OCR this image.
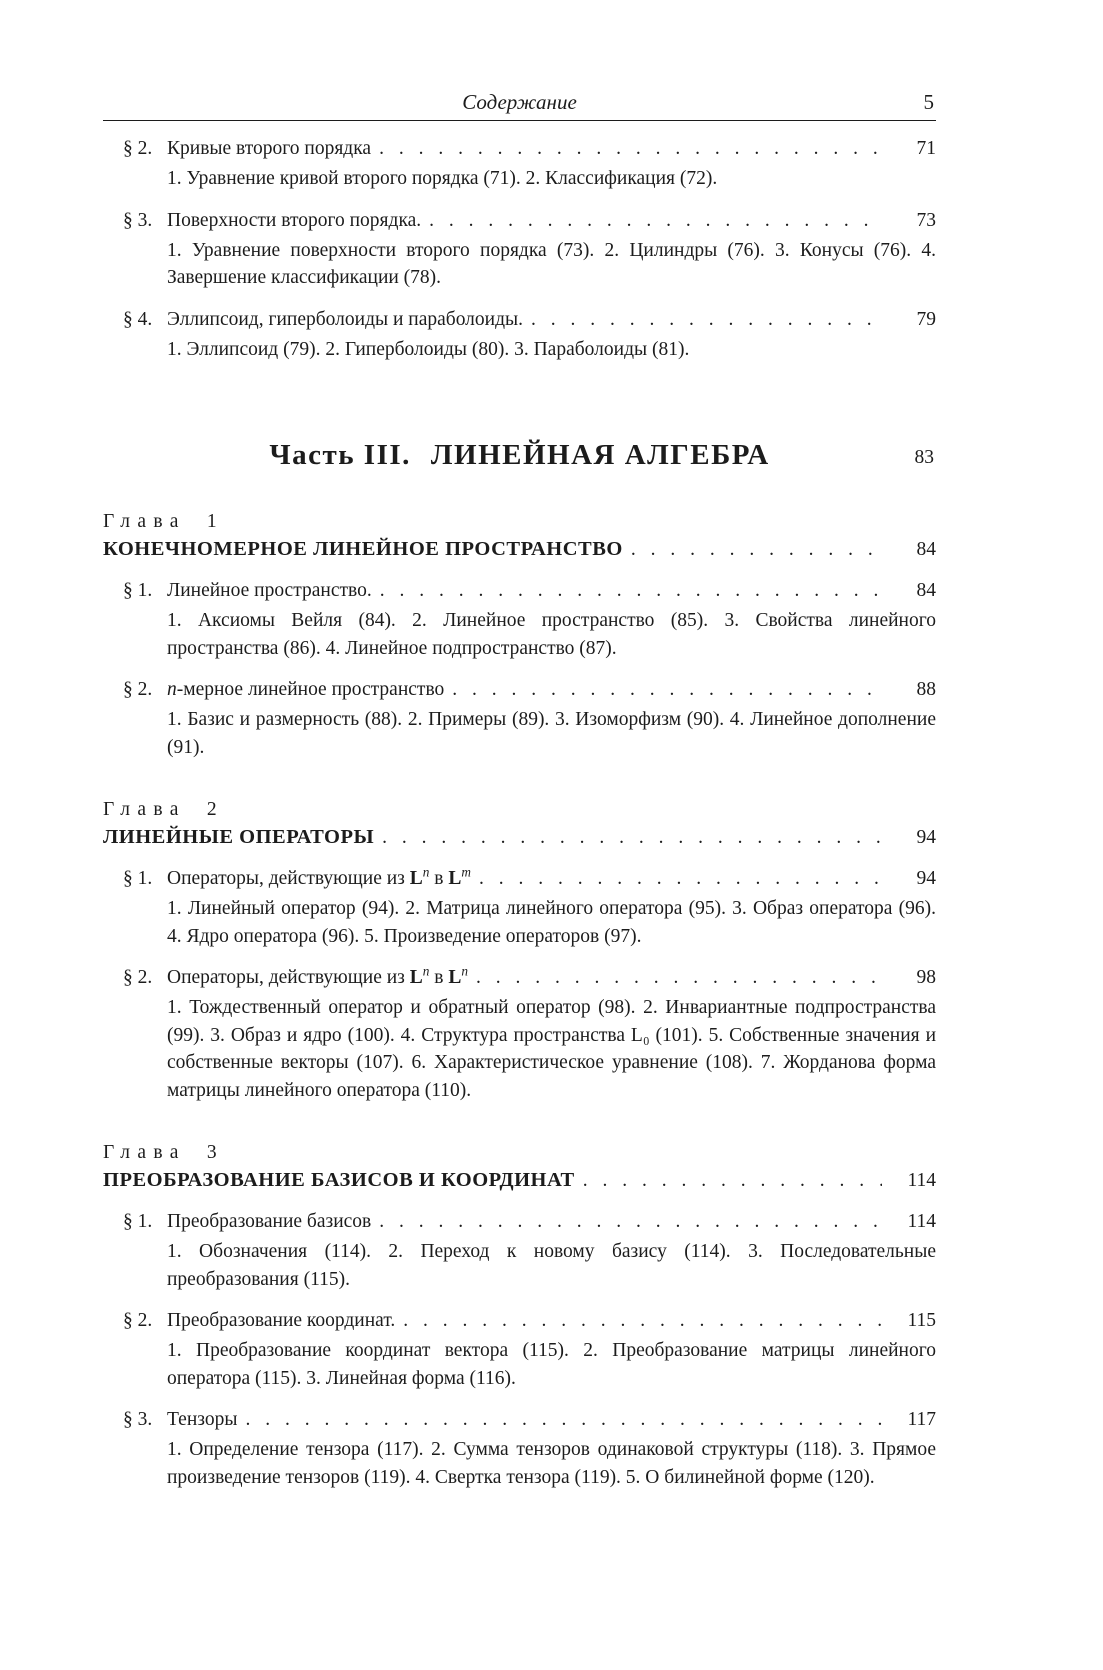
Содержание	5
§ 2. Кривые второго порядка . . .	71
1. Уравнение кривой второго порядка (71). 2. Классификация (72).
§ 3. Поверхности второго порядка. . . .	73
1. Уравнение поверхности второго порядка (73). 2. Цилиндры (76). 3. Конусы (76). 4. Завершение классификации (78).
§ 4. Эллипсоид, гиперболоиды и параболоиды. . . .	79
1. Эллипсоид (79). 2. Гиперболоиды (80). 3. Параболоиды (81).
Часть III. ЛИНЕЙНАЯ АЛГЕБРА	83
Глава 1
КОНЕЧНОМЕРНОЕ ЛИНЕЙНОЕ ПРОСТРАНСТВО . . .	84
§ 1. Линейное пространство. . . .	84
1. Аксиомы Вейля (84). 2. Линейное пространство (85). 3. Свойства линейного пространства (86). 4. Линейное подпространство (87).
§ 2. n-мерное линейное пространство . . .	88
1. Базис и размерность (88). 2. Примеры (89). 3. Изоморфизм (90). 4. Линейное дополнение (91).
Глава 2
ЛИНЕЙНЫЕ ОПЕРАТОРЫ . . .	94
§ 1. Операторы, действующие из $L^n$ в $L^m$ . . .	94
1. Линейный оператор (94). 2. Матрица линейного оператора (95). 3. Образ оператора (96). 4. Ядро оператора (96). 5. Произведение операторов (97).
§ 2. Операторы, действующие из $L^n$ в $L^n$ . . .	98
1. Тождественный оператор и обратный оператор (98). 2. Инвариантные подпространства (99). 3. Образ и ядро (100). 4. Структура пространства L₀ (101). 5. Собственные значения и собственные векторы (107). 6. Характеристическое уравнение (108). 7. Жорданова форма матрицы линейного оператора (110).
Глава 3
ПРЕОБРАЗОВАНИЕ БАЗИСОВ И КООРДИНАТ . . .	114
§ 1. Преобразование базисов . . .	114
1. Обозначения (114). 2. Переход к новому базису (114). 3. Последовательные преобразования (115).
§ 2. Преобразование координат. . . .	115
1. Преобразование координат вектора (115). 2. Преобразование матрицы линейного оператора (115). 3. Линейная форма (116).
§ 3. Тензоры . . .	117
1. Определение тензора (117). 2. Сумма тензоров одинаковой структуры (118). 3. Прямое произведение тензоров (119). 4. Свертка тензора (119). 5. О билинейной форме (120).
